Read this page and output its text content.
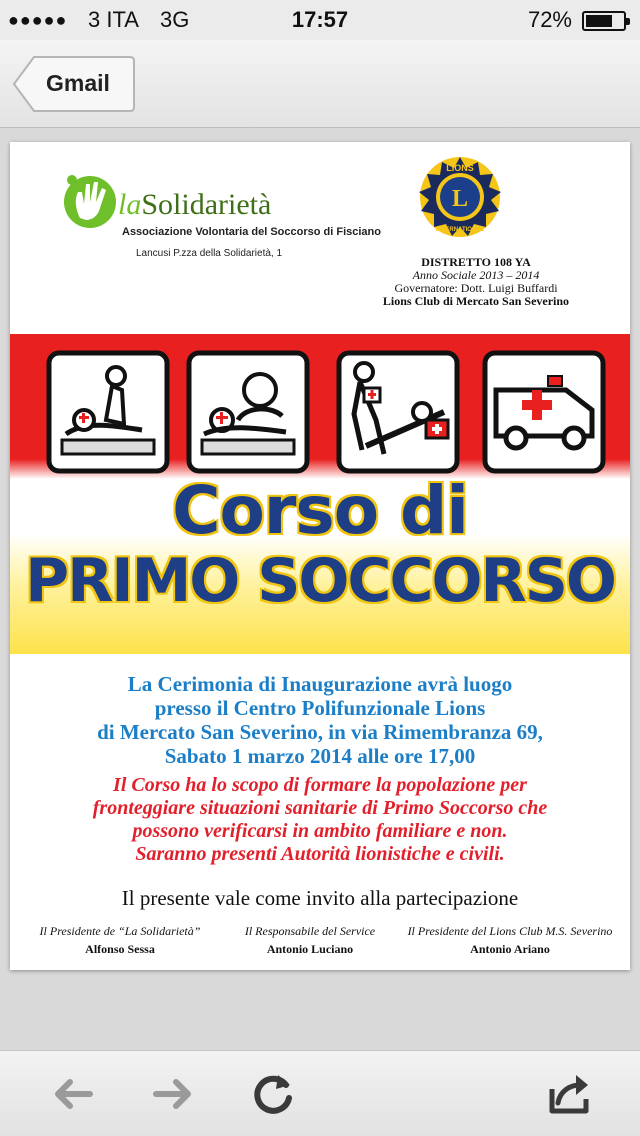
●●●●● 3 ITA 3G	17:57	72%
Gmail
laSolidarietà
Associazione Volontaria del Soccorso di Fisciano
Lancusi P.zza della Solidarietà, 1
L
LIONS
INTERNATIONAL
DISTRETTO 108 YA
Anno Sociale 2013 – 2014
Governatore: Dott. Luigi Buffardi
Lions Club di Mercato San Severino
Corso di
PRIMO SOCCORSO
La Cerimonia di Inaugurazione avrà luogo
presso il Centro Polifunzionale Lions
di Mercato San Severino, in via Rimembranza 69,
Sabato 1 marzo 2014 alle ore 17,00
Il Corso ha lo scopo di formare la popolazione per
fronteggiare situazioni sanitarie di Primo Soccorso che
possono verificarsi in ambito familiare e non.
Saranno presenti Autorità lionistiche e civili.
Il presente vale come invito alla partecipazione
Il Presidente de “La Solidarietà”
Alfonso Sessa
Il Responsabile del Service
Antonio Luciano
Il Presidente del Lions Club M.S. Severino
Antonio Ariano
